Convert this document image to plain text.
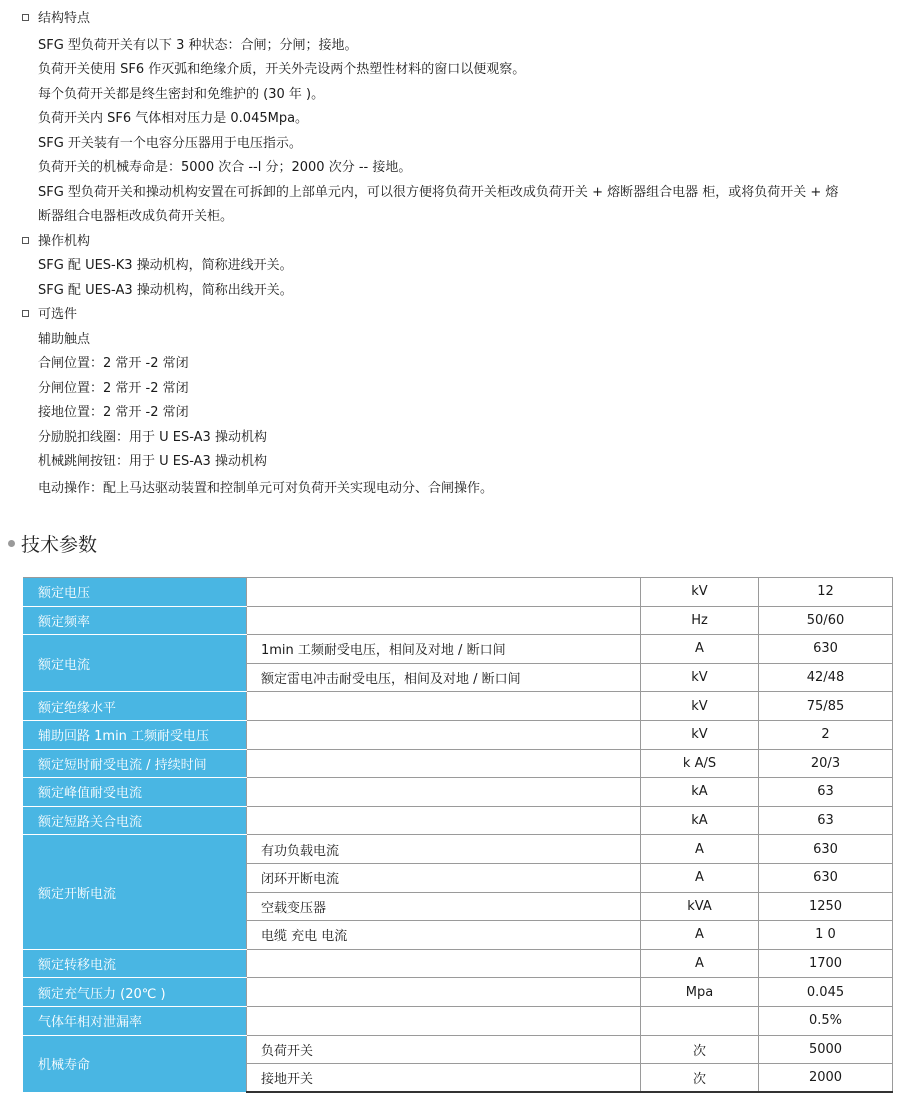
结构特点
SFG 型负荷开关有以下 3 种状态：合闸；分闸；接地。
负荷开关使用 SF6 作灭弧和绝缘介质，开关外壳设两个热塑性材料的窗口以便观察。
每个负荷开关都是终生密封和免维护的 (30 年 )。
负荷开关内 SF6 气体相对压力是 0.045Mpa。
SFG 开关装有一个电容分压器用于电压指示。
负荷开关的机械寿命是：5000 次合 --l 分；2000 次分 -- 接地。
SFG 型负荷开关和操动机构安置在可拆卸的上部单元内，可以很方便将负荷开关柜改成负荷开关 + 熔断器组合电器 柜，或将负荷开关 + 熔
断器组合电器柜改成负荷开关柜。
操作机构
SFG 配 UES-K3 操动机构，简称进线开关。
SFG 配 UES-A3 操动机构，简称出线开关。
可选件
辅助触点
合闸位置：2 常开 -2 常闭
分闸位置：2 常开 -2 常闭
接地位置：2 常开 -2 常闭
分励脱扣线圈：用于 U ES-A3 操动机构
机械跳闸按钮：用于 U ES-A3 操动机构
电动操作：配上马达驱动装置和控制单元可对负荷开关实现电动分、合闸操作。
技术参数
额定电压		kV	12
额定频率		Hz	50/60
额定电流	1min 工频耐受电压，相间及对地 / 断口间	A	630
	额定雷电冲击耐受电压，相间及对地 / 断口间	kV	42/48
额定绝缘水平		kV	75/85
辅助回路 1min 工频耐受电压		kV	2
额定短时耐受电流 / 持续时间		k A/S	20/3
额定峰值耐受电流		kA	63
额定短路关合电流		kA	63
额定开断电流	有功负载电流	A	630
	闭环开断电流	A	630
	空载变压器	kVA	1250
	电缆 充电 电流	A	1 0
额定转移电流		A	1700
额定充气压力 (20℃ )		Mpa	0.045
气体年相对泄漏率			0.5%
机械寿命	负荷开关	次	5000
	接地开关	次	2000
